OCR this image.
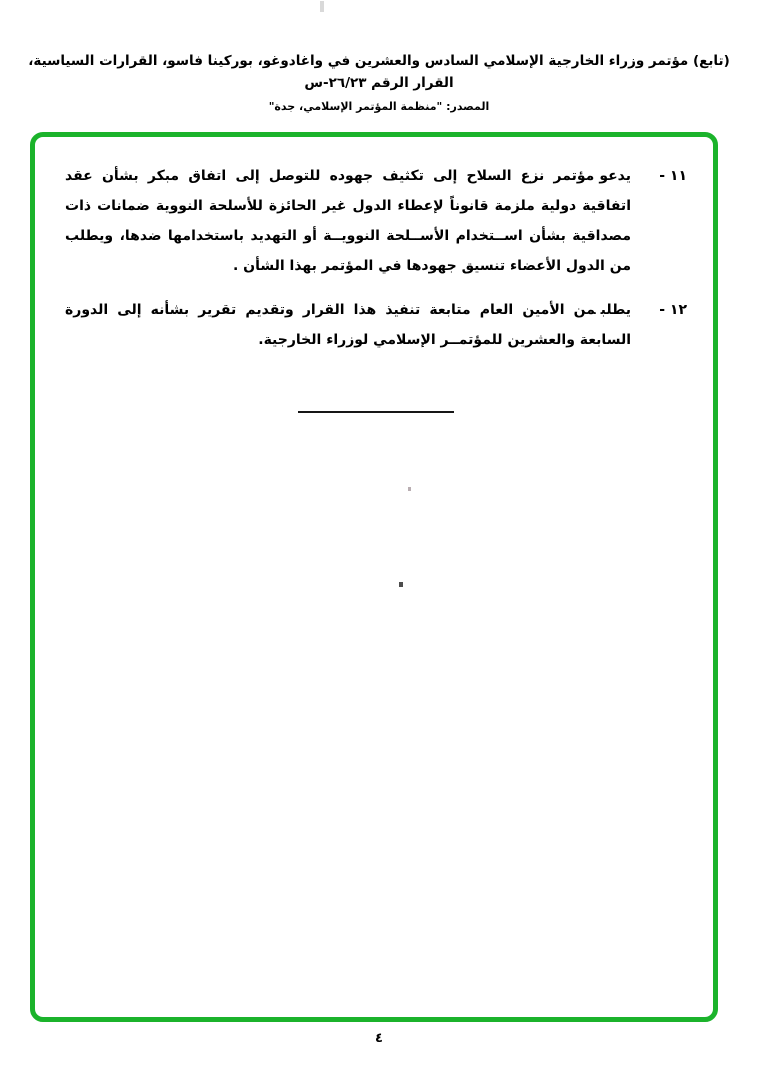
(تابع) مؤتمر وزراء الخارجية الإسلامي السادس والعشرين في واغادوغو، بوركينا فاسو، القرارات السياسية، القرار الرقم ٢٦/٢٣-س
المصدر: "منظمة المؤتمر الإسلامي، جدة"
١١ -
يدعومؤتمر نزع السلاح إلى تكثيف جهوده للتوصل إلى اتفاق مبكر بشأن عقد اتفاقية دولية ملزمة قانوناً لإعطاء الدول غير الحائزة للأسلحة النووية ضمانات ذات مصداقية بشأن اســتخدام الأســلحة النوويــة أو التهديد باستخدامها ضدها، ويطلب من الدول الأعضاء تنسيق جهودها في المؤتمر بهذا الشأن .
١٢ -
يطلبمن الأمين العام متابعة تنفيذ هذا القرار وتقديم تقرير بشأنه إلى الدورة السابعة والعشرين للمؤتمــر الإسلامي لوزراء الخارجية.
٤
